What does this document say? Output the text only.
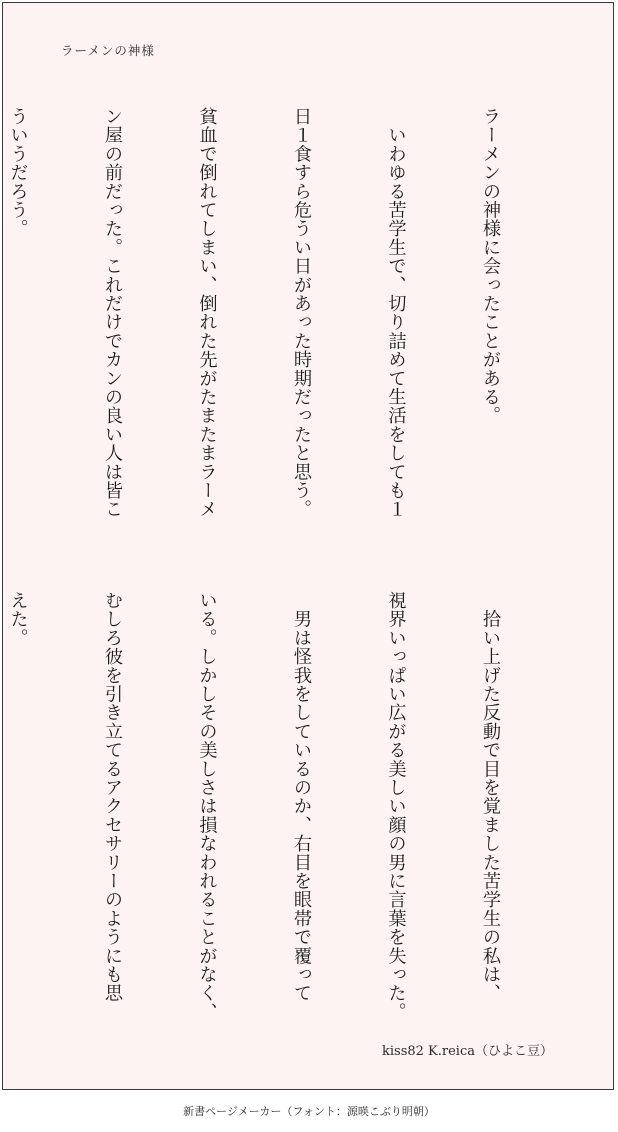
ラーメンの神様

ラーメンの神様に会ったことがある。

　いわゆる苦学生で、切り詰めて生活をしても１

日１食すら危うい日があった時期だったと思う。

貧血で倒れてしまい、倒れた先がたまたまラーメ

ン屋の前だった。これだけでカンの良い人は皆こ

ういうだろう。

　拾い上げた反動で目を覚ました苦学生の私は、

視界いっぱい広がる美しい顔の男に言葉を失った。

　男は怪我をしているのか、右目を眼帯で覆って

いる。しかしその美しさは損なわれることがなく、

むしろ彼を引き立てるアクセサリーのようにも思

えた。

kiss82 K.reica（ひよこ豆）
新書ページメーカー（フォント：源暎こぶり明朝）
